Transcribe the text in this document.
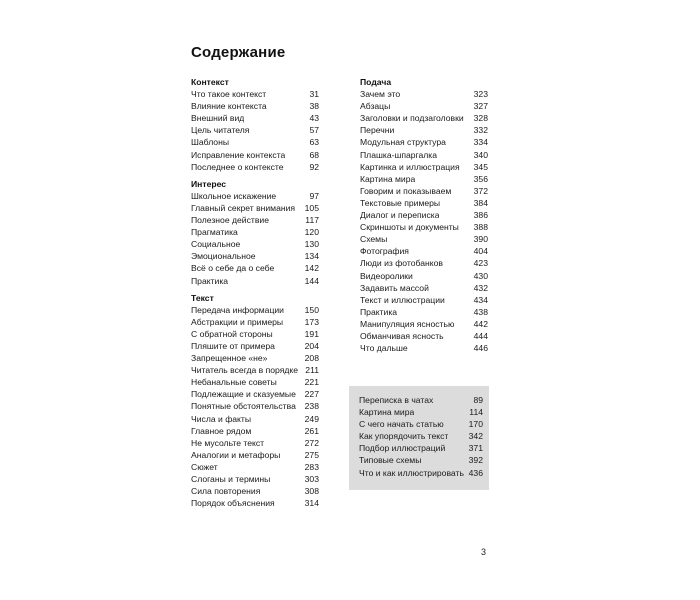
Содержание
Контекст
Что такое контекст	31
Влияние контекста	38
Внешний вид	43
Цель читателя	57
Шаблоны	63
Исправление контекста	68
Последнее о контексте	92
Интерес
Школьное искажение	97
Главный секрет внимания	105
Полезное действие	117
Прагматика	120
Социальное	130
Эмоциональное	134
Всё о себе да о себе	142
Практика	144
Текст
Передача информации	150
Абстракции и примеры	173
С обратной стороны	191
Пляшите от примера	204
Запрещенное «не»	208
Читатель всегда в порядке 211
Небанальные советы	221
Подлежащие и сказуемые	227
Понятные обстоятельства	238
Числа и факты	249
Главное рядом	261
Не мусольте текст	272
Аналогии и метафоры	275
Сюжет	283
Слоганы и термины	303
Сила повторения	308
Порядок объяснения	314
Подача
Зачем это	323
Абзацы	327
Заголовки и подзаголовки	328
Перечни	332
Модульная структура	334
Плашка-шпаргалка	340
Картинка и иллюстрация	345
Картина мира	356
Говорим и показываем	372
Текстовые примеры	384
Диалог и переписка	386
Скриншоты и документы	388
Схемы	390
Фотография	404
Люди из фотобанков	423
Видеоролики	430
Задавить массой	432
Текст и иллюстрации	434
Практика	438
Манипуляция ясностью	442
Обманчивая ясность	444
Что дальше	446
Переписка в чатах	89
Картина мира	114
С чего начать статью	170
Как упорядочить текст	342
Подбор иллюстраций	371
Типовые схемы	392
Что и как иллюстрировать 436
3
